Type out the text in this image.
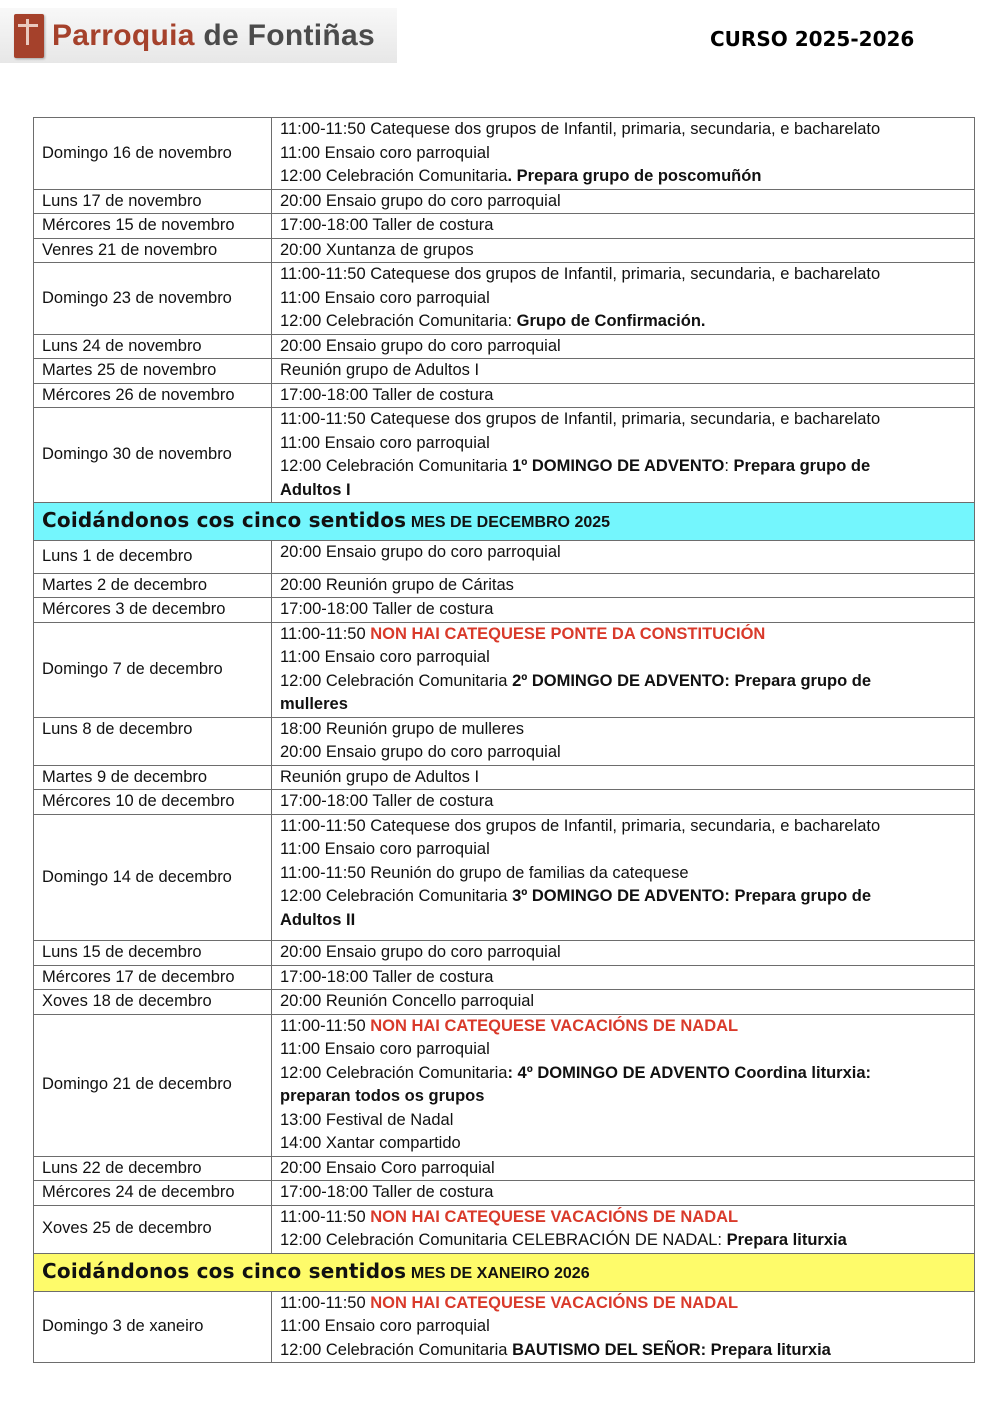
Parroquia de Fontiñas	CURSO 2025-2026
Domingo 16 de novembro	11:00-11:50 Catequese dos grupos de Infantil, primaria, secundaria, e bacharelato
11:00 Ensaio coro parroquial
12:00 Celebración Comunitaria. Prepara grupo de poscomuñón

Luns 17 de novembro	20:00 Ensaio grupo do coro parroquial

Mércores 15 de novembro	17:00-18:00 Taller de costura

Venres 21 de novembro	20:00 Xuntanza de grupos

Domingo 23 de novembro	11:00-11:50 Catequese dos grupos de Infantil, primaria, secundaria, e bacharelato
11:00 Ensaio coro parroquial
12:00 Celebración Comunitaria: Grupo de Confirmación.

Luns 24 de novembro	20:00 Ensaio grupo do coro parroquial

Martes 25 de novembro	Reunión grupo de Adultos I

Mércores 26 de novembro	17:00-18:00 Taller de costura

Domingo 30 de novembro	11:00-11:50 Catequese dos grupos de Infantil, primaria, secundaria, e bacharelato
11:00 Ensaio coro parroquial
12:00 Celebración Comunitaria 1º DOMINGO DE ADVENTO: Prepara grupo de
Adultos I

Coidándonos cos cinco sentidos MES DE DECEMBRO 2025	
Luns 1 de decembro	20:00 Ensaio grupo do coro parroquial

Martes 2 de decembro	20:00 Reunión grupo de Cáritas

Mércores 3 de decembro	17:00-18:00 Taller de costura

Domingo 7 de decembro	11:00-11:50 NON HAI CATEQUESE PONTE DA CONSTITUCIÓN
11:00 Ensaio coro parroquial
12:00 Celebración Comunitaria 2º DOMINGO DE ADVENTO: Prepara grupo de
mulleres

Luns 8 de decembro	18:00 Reunión grupo de mulleres
20:00 Ensaio grupo do coro parroquial

Martes 9 de decembro	Reunión grupo de Adultos I

Mércores 10 de decembro	17:00-18:00 Taller de costura

Domingo 14 de decembro	11:00-11:50 Catequese dos grupos de Infantil, primaria, secundaria, e bacharelato
11:00 Ensaio coro parroquial
11:00-11:50 Reunión do grupo de familias da catequese
12:00 Celebración Comunitaria 3º DOMINGO DE ADVENTO: Prepara grupo de
Adultos II

Luns 15 de decembro	20:00 Ensaio grupo do coro parroquial

Mércores 17 de decembro	17:00-18:00 Taller de costura

Xoves 18 de decembro	20:00 Reunión Concello parroquial

Domingo 21 de decembro	
11:00-11:50 NON HAI CATEQUESE VACACIÓNS DE NADAL
11:00 Ensaio coro parroquial
12:00 Celebración Comunitaria: 4º DOMINGO DE ADVENTO Coordina liturxia:
preparan todos os grupos
13:00 Festival de Nadal
14:00 Xantar compartido

Luns 22 de decembro	20:00 Ensaio Coro parroquial

Mércores 24 de decembro	17:00-18:00 Taller de costura

Xoves 25 de decembro	11:00-11:50 NON HAI CATEQUESE VACACIÓNS DE NADAL
12:00 Celebración Comunitaria CELEBRACIÓN DE NADAL: Prepara liturxia

Coidándonos cos cinco sentidos MES DE XANEIRO 2026	
Domingo 3 de xaneiro	11:00-11:50 NON HAI CATEQUESE VACACIÓNS DE NADAL
11:00 Ensaio coro parroquial
12:00 Celebración Comunitaria BAUTISMO DEL SEÑOR: Prepara liturxia
